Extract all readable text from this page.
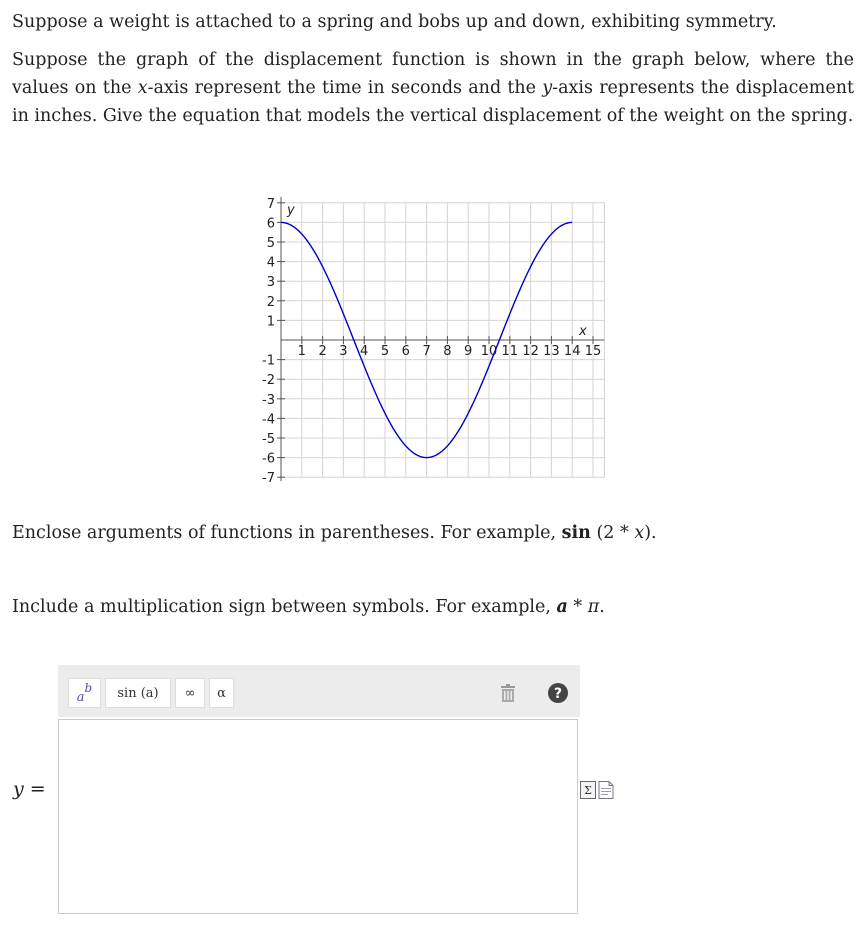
Suppose a weight is attached to a spring and bobs up and down, exhibiting symmetry.

Suppose the graph of the displacement function is shown in the graph below, where the values on the x-axis represent the time in seconds and the y-axis represents the displacement in inches. Give the equation that models the vertical displacement of the weight on the spring.

1 2 3 4 5 6 7 8 9 10 11 12 13 14 15
7
6
5
4
3
2
1
-1
-2
-3
-4
-5
-6
-7
y
x

Enclose arguments of functions in parentheses. For example, sin (2 * x).

Include a multiplication sign between symbols. For example, a * π.

a
b sin (a) ∞ α	?
y =	Σ
